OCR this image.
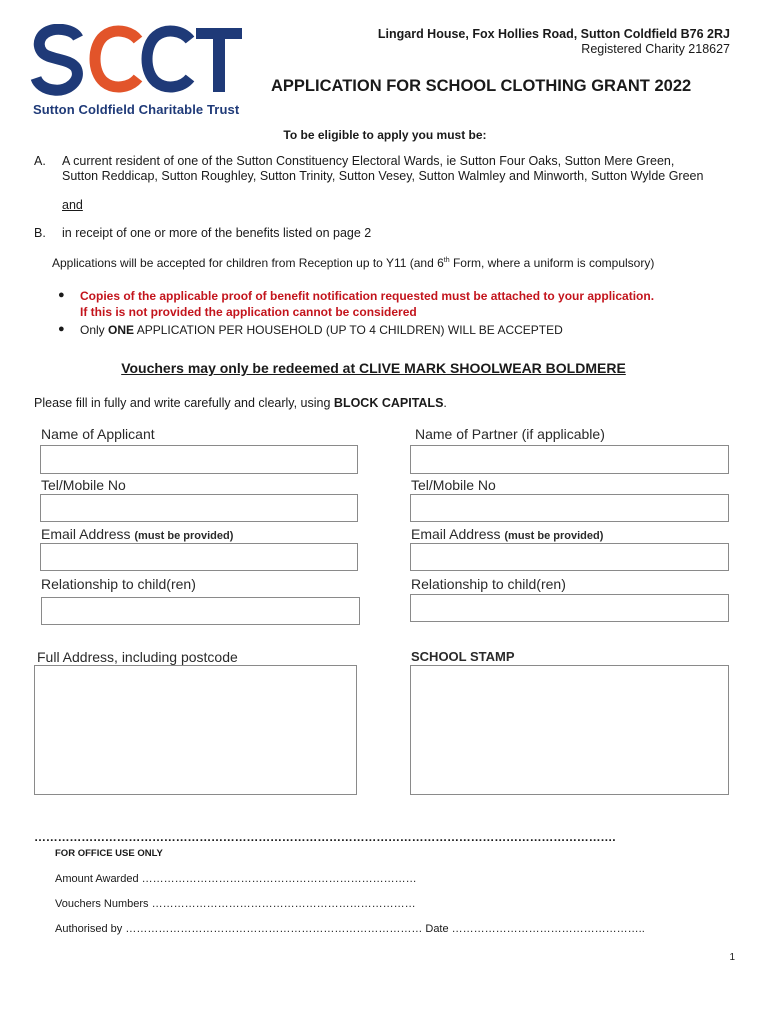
Sutton Coldfield Charitable Trust
Lingard House, Fox Hollies Road, Sutton Coldfield B76 2RJ
Registered Charity 218627
APPLICATION FOR SCHOOL CLOTHING GRANT 2022
To be eligible to apply you must be:
A. A current resident of one of the Sutton Constituency Electoral Wards, ie Sutton Four Oaks, Sutton Mere Green,
Sutton Reddicap, Sutton Roughley, Sutton Trinity, Sutton Vesey, Sutton Walmley and Minworth, Sutton Wylde Green
and
B. in receipt of one or more of the benefits listed on page 2
Applications will be accepted for children from Reception up to Y11 (and 6th Form, where a uniform is compulsory)
● Copies of the applicable proof of benefit notification requested must be attached to your application.
If this is not provided the application cannot be considered
● Only ONE APPLICATION PER HOUSEHOLD (UP TO 4 CHILDREN) WILL BE ACCEPTED
Vouchers may only be redeemed at CLIVE MARK SHOOLWEAR BOLDMERE
Please fill in fully and write carefully and clearly, using BLOCK CAPITALS.
Name of Applicant	Name of Partner (if applicable)
Tel/Mobile No	Tel/Mobile No
Email Address (must be provided)	Email Address (must be provided)
Relationship to child(ren)	Relationship to child(ren)
Full Address, including postcode	SCHOOL STAMP
………………………………………………………………………………………………………………………………….
FOR OFFICE USE ONLY
Amount Awarded …………………………………………………………………
Vouchers Numbers ………………………………………………………………
Authorised by ……………………………………………………………………… Date ……………………………………………..
1
